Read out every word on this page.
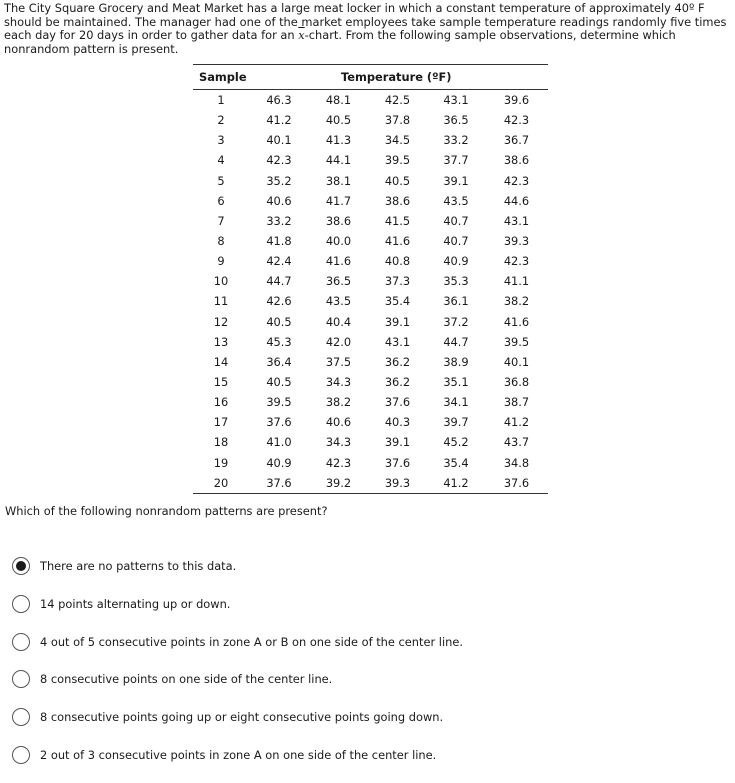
The City Square Grocery and Meat Market has a large meat locker in which a constant temperature of approximately 40º F should be maintained. The manager had one of the market employees take sample temperature readings randomly five times each day for 20 days in order to gather data for an $\overline{x}$-chart. From the following sample observations, determine which nonrandom pattern is present.

Sample	Temperature (ºF)				
1	46.3	48.1	42.5	43.1	39.6
2	41.2	40.5	37.8	36.5	42.3
3	40.1	41.3	34.5	33.2	36.7
4	42.3	44.1	39.5	37.7	38.6
5	35.2	38.1	40.5	39.1	42.3
6	40.6	41.7	38.6	43.5	44.6
7	33.2	38.6	41.5	40.7	43.1
8	41.8	40.0	41.6	40.7	39.3
9	42.4	41.6	40.8	40.9	42.3
10	44.7	36.5	37.3	35.3	41.1
11	42.6	43.5	35.4	36.1	38.2
12	40.5	40.4	39.1	37.2	41.6
13	45.3	42.0	43.1	44.7	39.5
14	36.4	37.5	36.2	38.9	40.1
15	40.5	34.3	36.2	35.1	36.8
16	39.5	38.2	37.6	34.1	38.7
17	37.6	40.6	40.3	39.7	41.2
18	41.0	34.3	39.1	45.2	43.7
19	40.9	42.3	37.6	35.4	34.8
20	37.6	39.2	39.3	41.2	37.6

Which of the following nonrandom patterns are present?

There are no patterns to this data.
14 points alternating up or down.
4 out of 5 consecutive points in zone A or B on one side of the center line.
8 consecutive points on one side of the center line.
8 consecutive points going up or eight consecutive points going down.
2 out of 3 consecutive points in zone A on one side of the center line.
